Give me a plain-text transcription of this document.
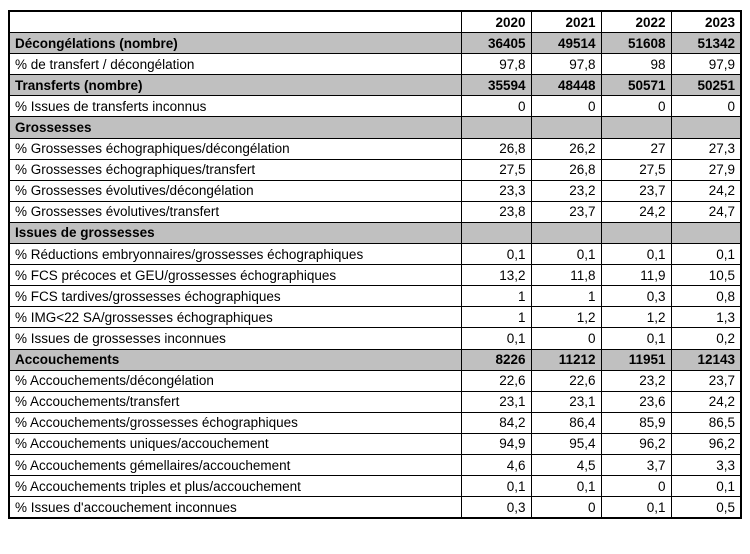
	2020	2021	2022	2023
Décongélations (nombre)	36405	49514	51608	51342
% de transfert / décongélation	97,8	97,8	98	97,9
Transferts (nombre)	35594	48448	50571	50251
% Issues de transferts inconnus	0	0	0	0
Grossesses				
% Grossesses échographiques/décongélation	26,8	26,2	27	27,3
% Grossesses échographiques/transfert	27,5	26,8	27,5	27,9
% Grossesses évolutives/décongélation	23,3	23,2	23,7	24,2
% Grossesses évolutives/transfert	23,8	23,7	24,2	24,7
Issues de grossesses				
% Réductions embryonnaires/grossesses échographiques	0,1	0,1	0,1	0,1
% FCS précoces et GEU/grossesses échographiques	13,2	11,8	11,9	10,5
% FCS tardives/grossesses échographiques	1	1	0,3	0,8
% IMG<22 SA/grossesses échographiques	1	1,2	1,2	1,3
% Issues de grossesses inconnues	0,1	0	0,1	0,2
Accouchements	8226	11212	11951	12143
% Accouchements/décongélation	22,6	22,6	23,2	23,7
% Accouchements/transfert	23,1	23,1	23,6	24,2
% Accouchements/grossesses échographiques	84,2	86,4	85,9	86,5
% Accouchements uniques/accouchement	94,9	95,4	96,2	96,2
% Accouchements gémellaires/accouchement	4,6	4,5	3,7	3,3
% Accouchements triples et plus/accouchement	0,1	0,1	0	0,1
% Issues d'accouchement inconnues	0,3	0	0,1	0,5
